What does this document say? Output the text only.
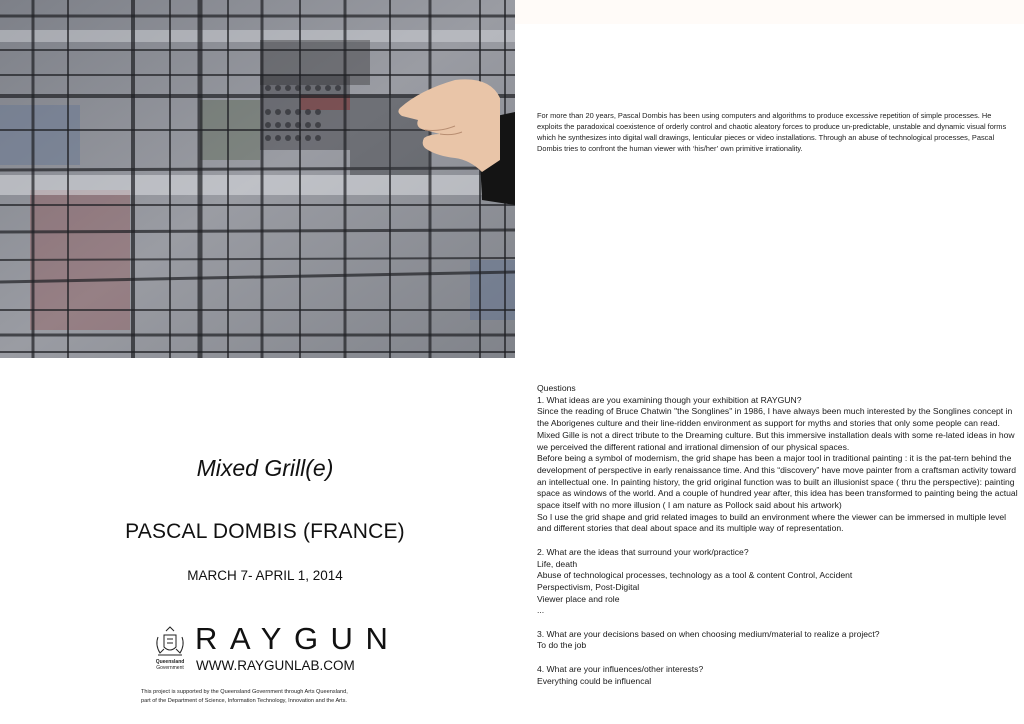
For more than 20 years, Pascal Dombis has been using computers and algorithms to produce excessive repetition of simple processes. He exploits the paradoxical coexistence of orderly control and chaotic aleatory forces to produce un-predictable, unstable and dynamic visual forms which he synthesizes into digital wall drawings, lenticular pieces or video installations. Through an abuse of technological processes, Pascal Dombis tries to confront the human viewer with ‘his/her’ own primitive irrationality.
Mixed Grill(e)
PASCAL DOMBIS (FRANCE)
MARCH 7- APRIL 1, 2014
Queensland
Government
RAYGUN
WWW.RAYGUNLAB.COM
This project is supported by the Queensland Government through Arts Queensland,
part of the Department of Science, Information Technology, Innovation and the Arts.

Questions

1. What ideas are you examining though your exhibition at RAYGUN?

Since the reading of Bruce Chatwin "the Songlines" in 1986, I have always been much interested by the Songlines concept in the Aborigenes culture and their line-ridden environment as support for myths and stories that only some people can read.

Mixed Gille is not a direct tribute to the Dreaming culture. But this immersive installation deals with some re-lated ideas in how we perceived the different rational and irrational dimension of our physical spaces.

Before being a symbol of modernism, the grid shape has been a major tool in traditional painting : it is the pat-tern behind the development of perspective in early renaissance time. And this “discovery” have move painter from a craftsman activity toward an intellectual one. In painting history, the grid original function was to built an illusionist space ( thru the perspective): painting space as windows of the world. And a couple of hundred year after, this idea has been transformed to painting being the actual space itself with no more illusion ( I am nature as Pollock said about his artwork)

So I use the grid shape and grid related images to build an environment where the viewer can be immersed in multiple level and different stories that deal about space and its multiple way of representation.

2. What are the ideas that surround your work/practice?

Life, death

Abuse of technological processes, technology as a tool & content Control, Accident

Perspectivism, Post-Digital

Viewer place and role

...

3. What are your decisions based on when choosing medium/material to realize a project?

To do the job

4. What are your influences/other interests?

Everything could be influencal
